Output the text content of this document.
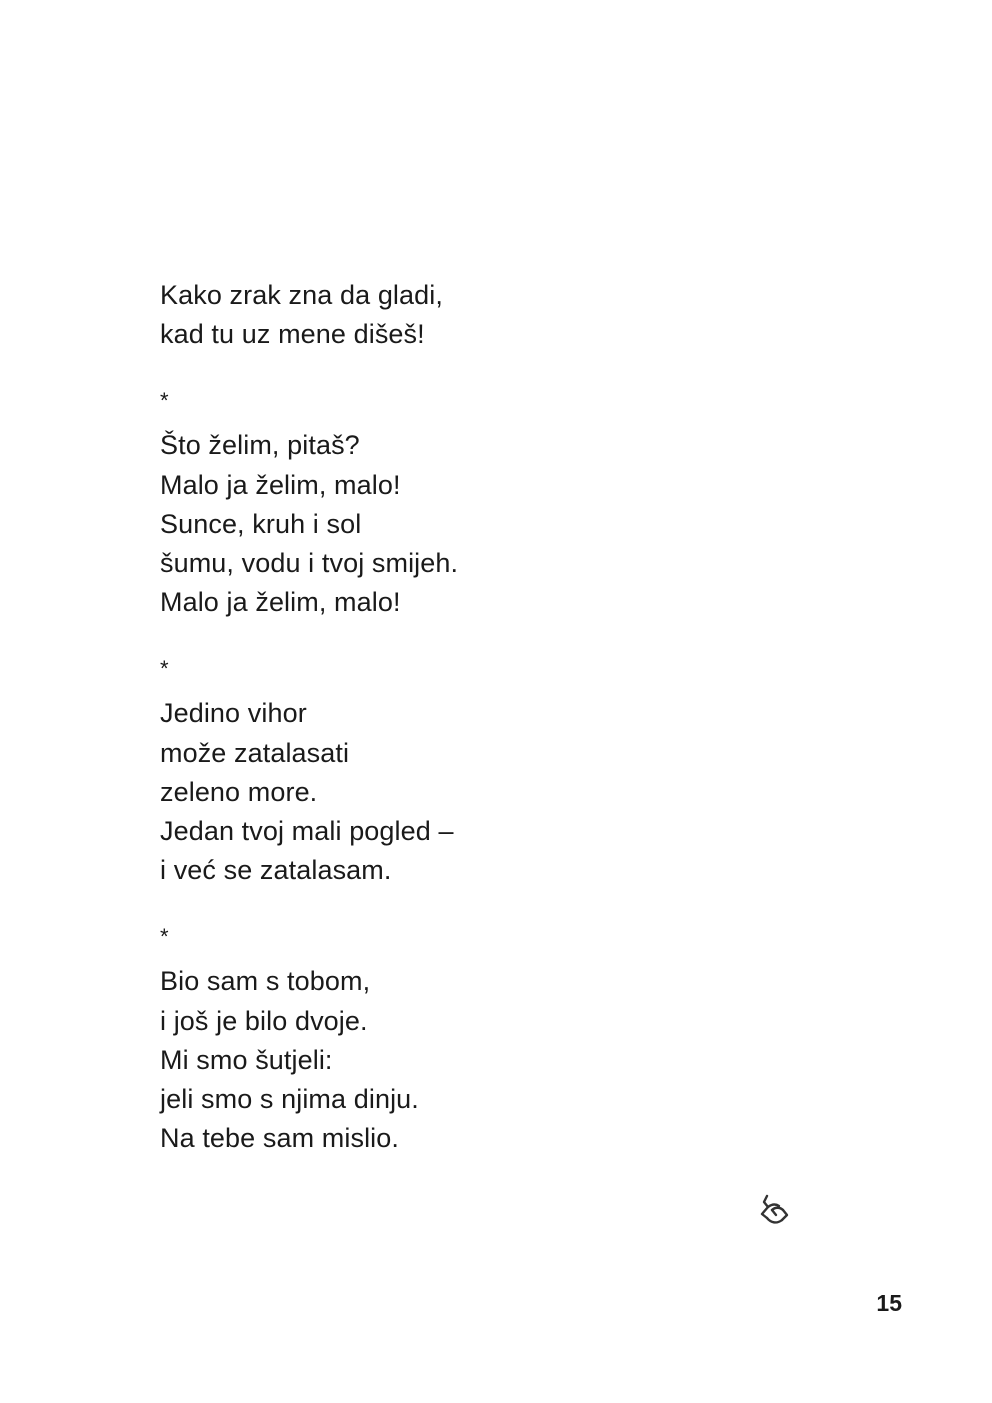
Kako zrak zna da gladi,
kad tu uz mene dišeš!
*
Što želim, pitaš?
Malo ja želim, malo!
Sunce, kruh i sol
šumu, vodu i tvoj smijeh.
Malo ja želim, malo!
*
Jedino vihor
može zatalasati
zeleno more.
Jedan tvoj mali pogled –
i već se zatalasam.
*
Bio sam s tobom,
i još je bilo dvoje.
Mi smo šutjeli:
jeli smo s njima dinju.
Na tebe sam mislio.
15
